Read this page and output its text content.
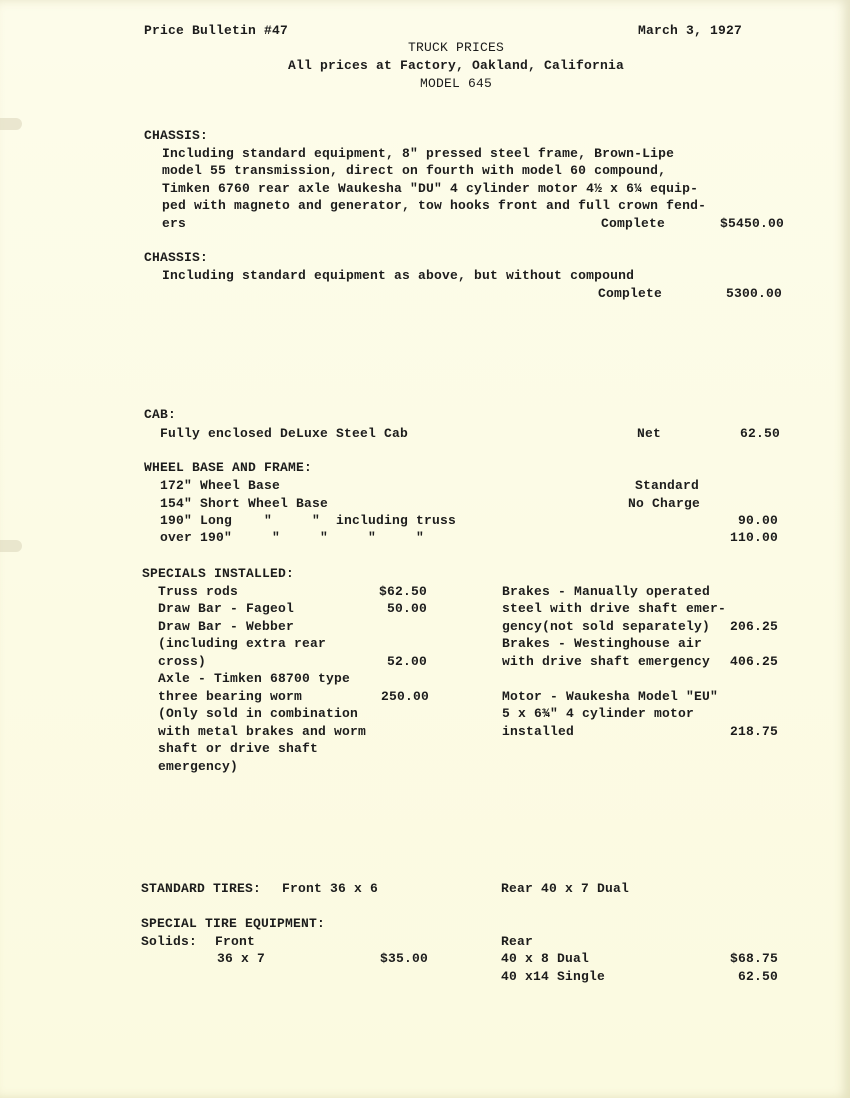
Price Bulletin #47	March 3, 1927
TRUCK PRICES
All prices at Factory, Oakland, California
MODEL 645
CHASSIS:
Including standard equipment, 8" pressed steel frame, Brown-Lipe
model 55 transmission, direct on fourth with model 60 compound,
Timken 6760 rear axle Waukesha "DU" 4 cylinder motor 4½ x 6¼ equip-
ped with magneto and generator, tow hooks front and full crown fend-
ers	Complete	$5450.00
CHASSIS:
Including standard equipment as above, but without compound
Complete	5300.00
CAB:
Fully enclosed DeLuxe Steel Cab	Net	62.50
WHEEL BASE AND FRAME:
172" Wheel Base	Standard
154" Short Wheel Base	No Charge
190" Long    "     "  including truss	90.00
over 190"     "     "     "     "	110.00
SPECIALS INSTALLED:
Truss rods	$62.50
Draw Bar - Fageol	50.00
Draw Bar - Webber
(including extra rear
cross)	52.00
Axle - Timken 68700 type
three bearing worm	250.00
(Only sold in combination
with metal brakes and worm
shaft or drive shaft
emergency)
Brakes - Manually operated
steel with drive shaft emer-
gency(not sold separately) 206.25
Brakes - Westinghouse air
with drive shaft emergency 406.25
Motor - Waukesha Model "EU"
5 x 6¾" 4 cylinder motor
installed	218.75
STANDARD TIRES: Front 36 x 6	Rear 40 x 7 Dual
SPECIAL TIRE EQUIPMENT:
Solids: Front
36 x 7	$35.00
Rear
40 x 8 Dual	$68.75
40 x14 Single	62.50
